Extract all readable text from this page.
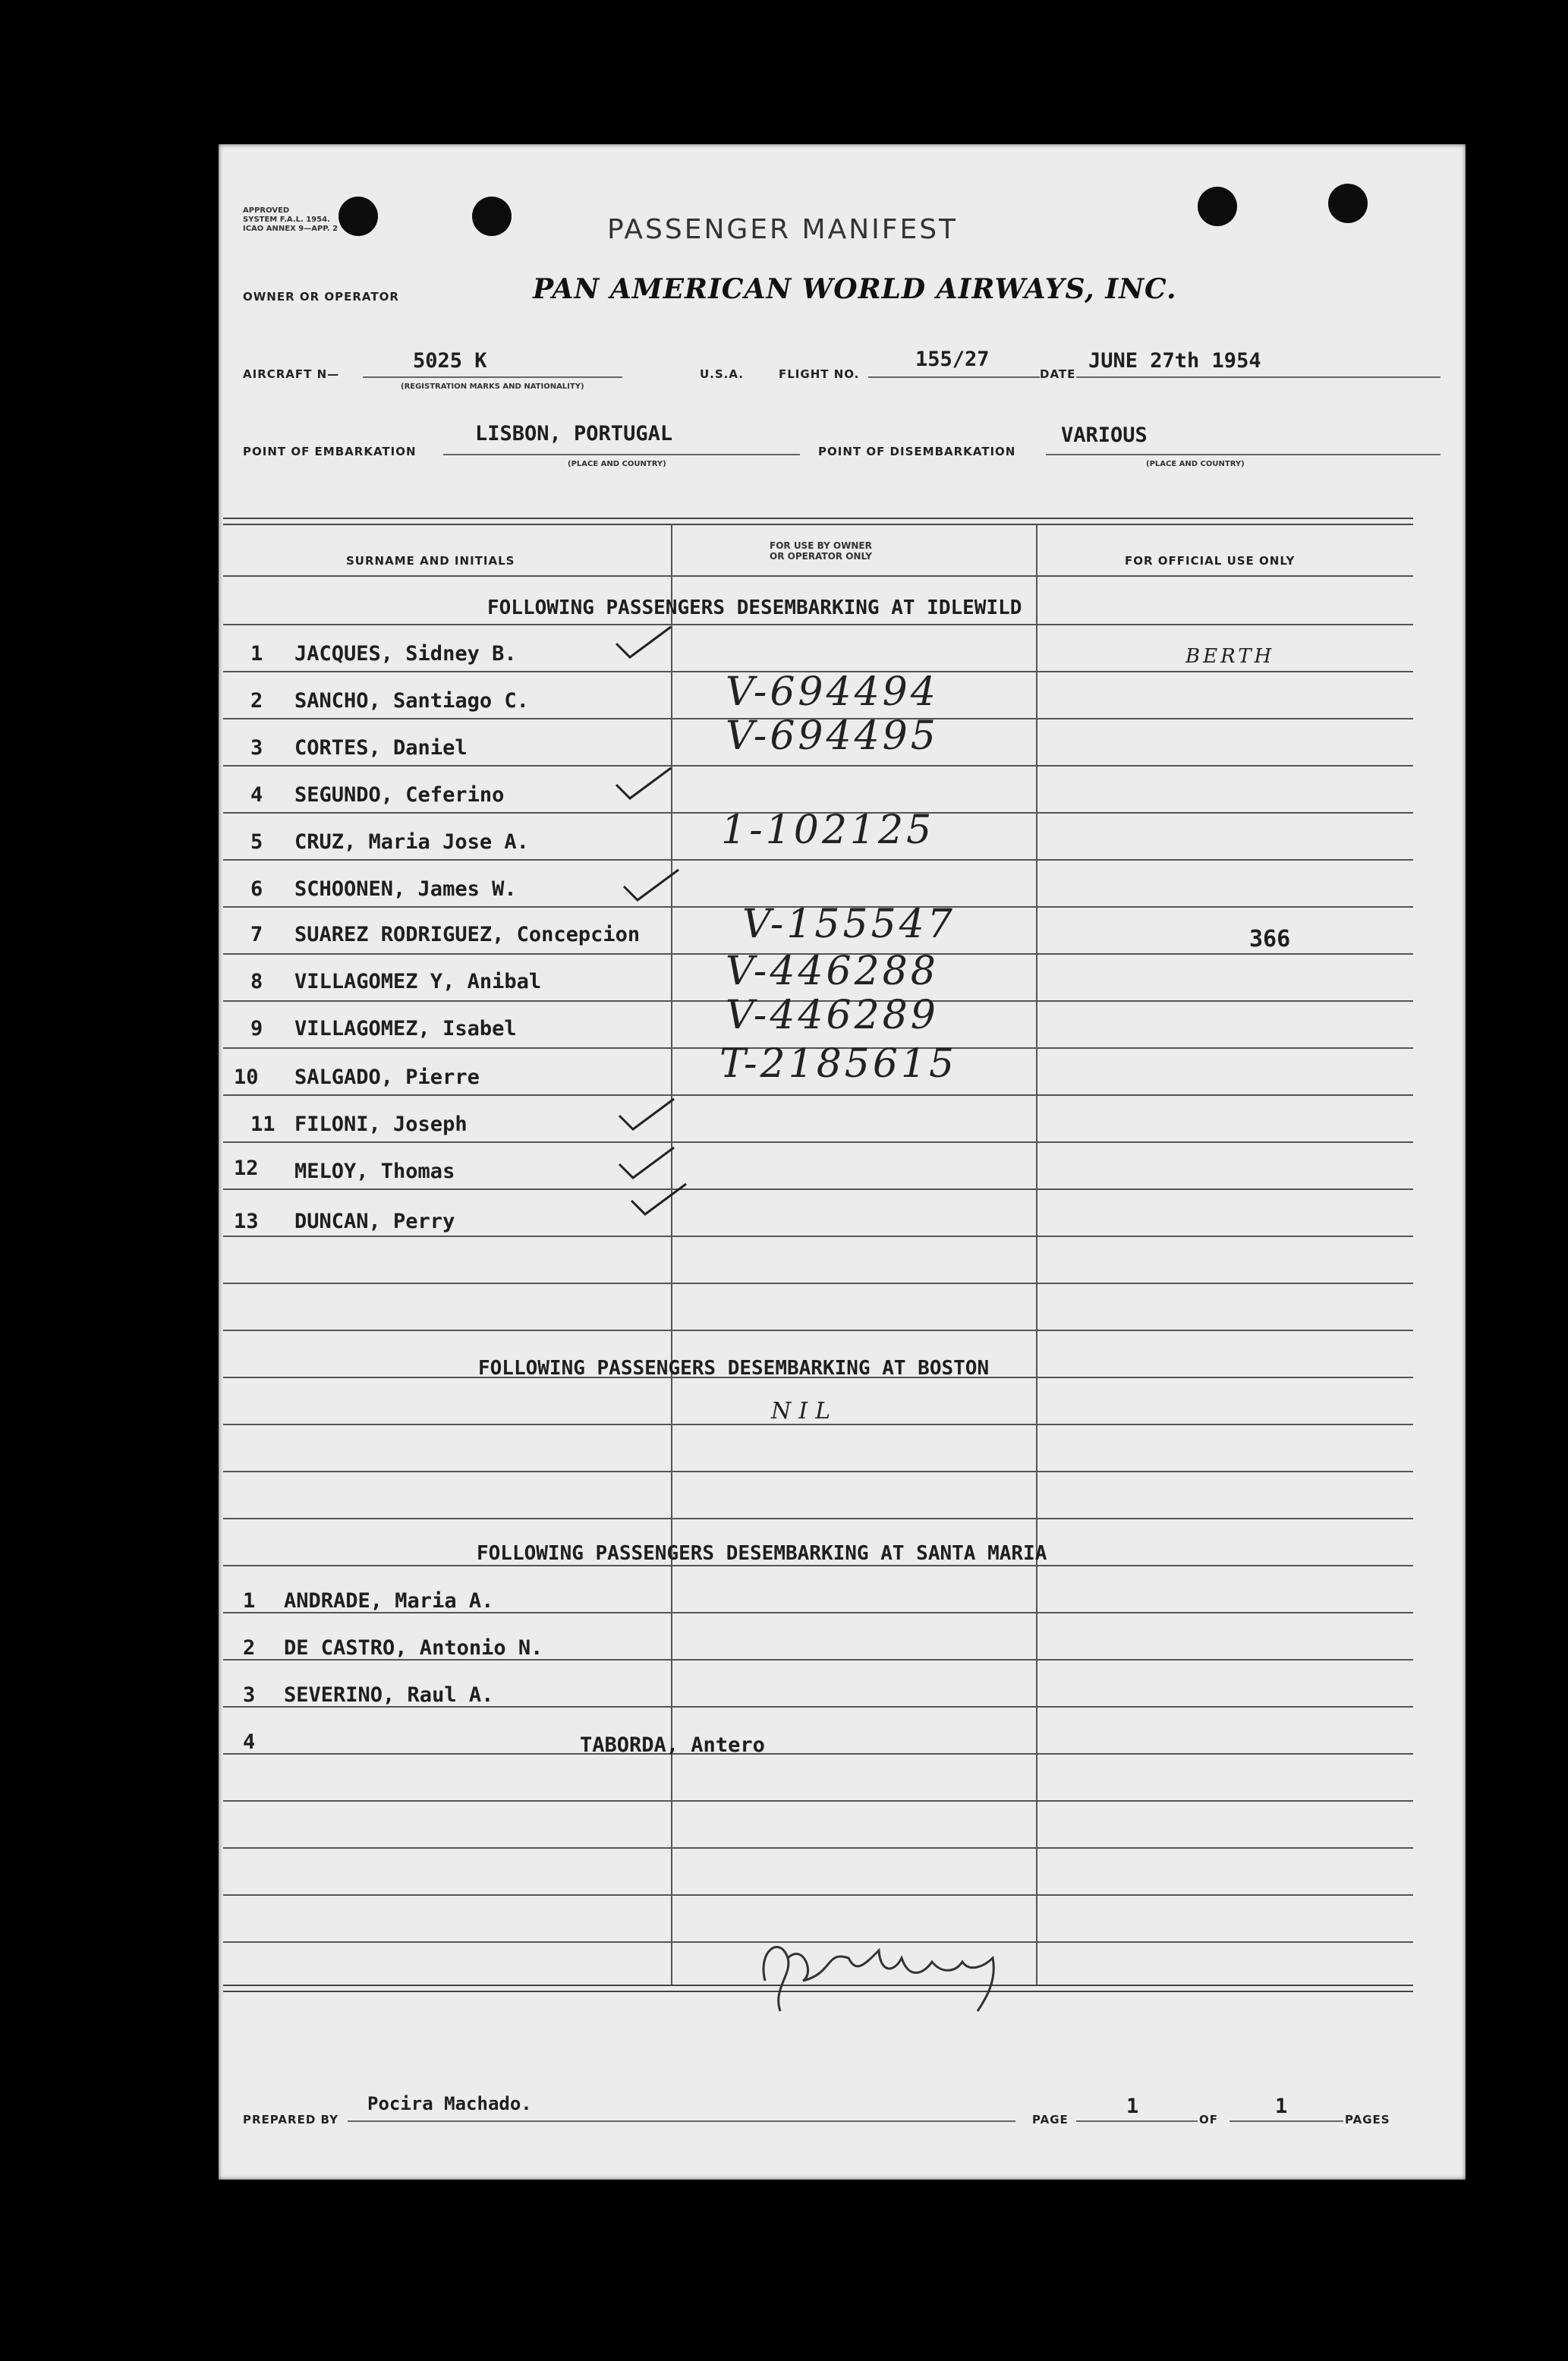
APPROVED
SYSTEM F.A.L. 1954.
ICAO ANNEX 9—APP. 2	PASSENGER MANIFEST
OWNER OR OPERATOR	PAN AMERICAN WORLD AIRWAYS, INC.
AIRCRAFT N—
5025 K
(REGISTRATION MARKS AND NATIONALITY)
U.S.A.	FLIGHT NO.
155/27
DATE
JUNE 27th 1954
POINT OF EMBARKATION
LISBON, PORTUGAL
(PLACE AND COUNTRY)
POINT OF DISEMBARKATION
VARIOUS
(PLACE AND COUNTRY)
SURNAME AND INITIALS
FOR USE BY OWNER
OR OPERATOR ONLY	FOR OFFICIAL USE ONLY
FOLLOWING PASSENGERS DESEMBARKING AT IDLEWILD
BERTH
1 JACQUES, Sidney B.
2 SANCHO, Santiago C.	V-694494
3 CORTES, Daniel	V-694495
4 SEGUNDO, Ceferino
5 CRUZ, Maria Jose A.	1-102125
6 SCHOONEN, James W.
7 SUAREZ RODRIGUEZ, Concepcion	V-155547	366
8 VILLAGOMEZ Y, Anibal	V-446288
9 VILLAGOMEZ, Isabel	V-446289
10 SALGADO, Pierre	T-2185615
11 FILONI, Joseph
12 MELOY, Thomas
13 DUNCAN, Perry
FOLLOWING PASSENGERS DESEMBARKING AT BOSTON
NIL
FOLLOWING PASSENGERS DESEMBARKING AT SANTA MARIA
1 ANDRADE, Maria A.
2 DE CASTRO, Antonio N.
3 SEVERINO, Raul A.
4	TABORDA, Antero
PREPARED BY
Pocira Machado.
PAGE
1
OF
1
PAGES
